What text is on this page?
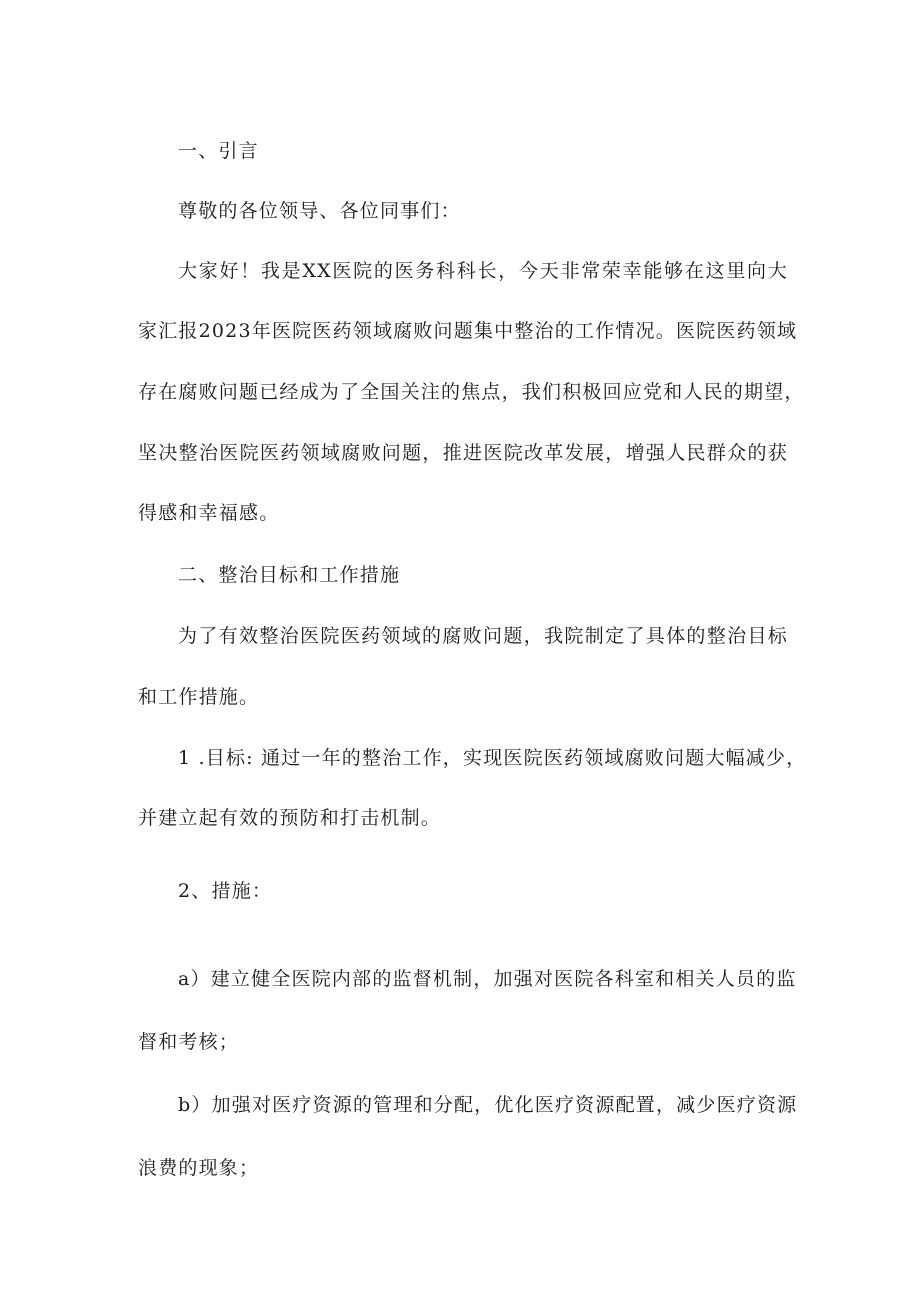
一、引言
尊敬的各位领导、各位同事们：
大家好！我是XX医院的医务科科长，今天非常荣幸能够在这里向大
家汇报2023年医院医药领域腐败问题集中整治的工作情况。医院医药领域
存在腐败问题已经成为了全国关注的焦点，我们积极回应党和人民的期望，
坚决整治医院医药领域腐败问题，推进医院改革发展，增强人民群众的获
得感和幸福感。
二、整治目标和工作措施
为了有效整治医院医药领域的腐败问题，我院制定了具体的整治目标
和工作措施。
1 .目标: 通过一年的整治工作，实现医院医药领域腐败问题大幅减少，
并建立起有效的预防和打击机制。
2、措施：
a）建立健全医院内部的监督机制，加强对医院各科室和相关人员的监
督和考核；
b）加强对医疗资源的管理和分配，优化医疗资源配置，减少医疗资源
浪费的现象；
